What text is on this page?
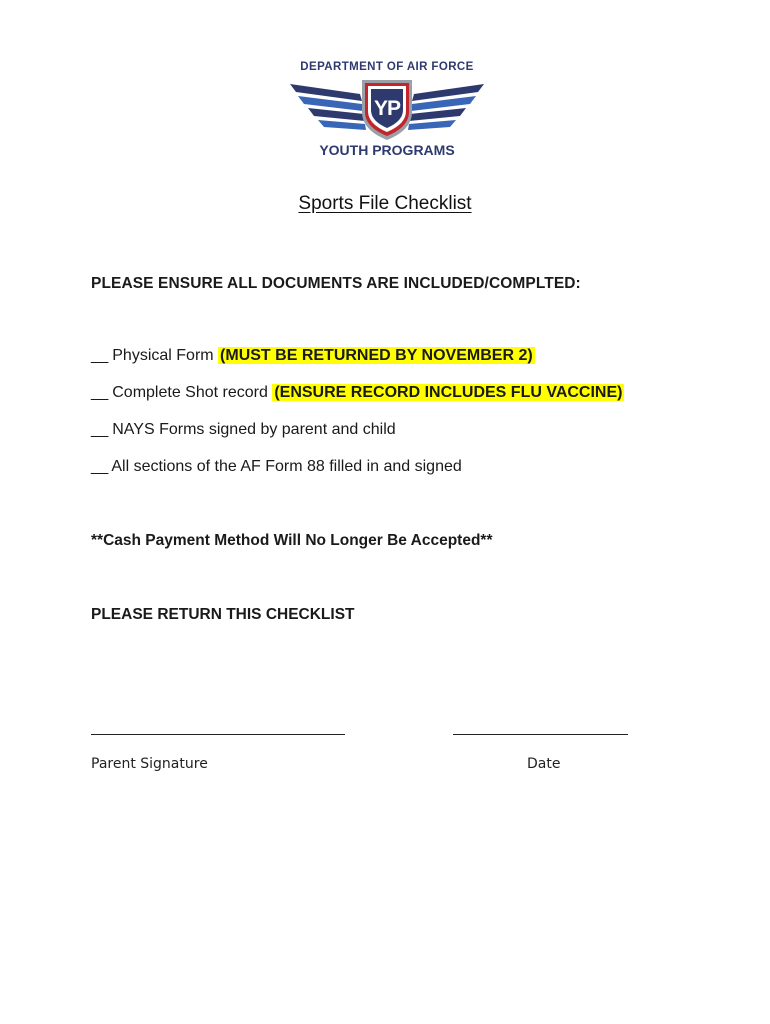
DEPARTMENT OF AIR FORCE
YP
YOUTH PROGRAMS
Sports File Checklist
PLEASE ENSURE ALL DOCUMENTS ARE INCLUDED/COMPLTED:
__ Physical Form (MUST BE RETURNED BY NOVEMBER 2)
__ Complete Shot record (ENSURE RECORD INCLUDES FLU VACCINE)
__ NAYS Forms signed by parent and child
__ All sections of the AF Form 88 filled in and signed
**Cash Payment Method Will No Longer Be Accepted**
PLEASE RETURN THIS CHECKLIST
Parent Signature	Date
